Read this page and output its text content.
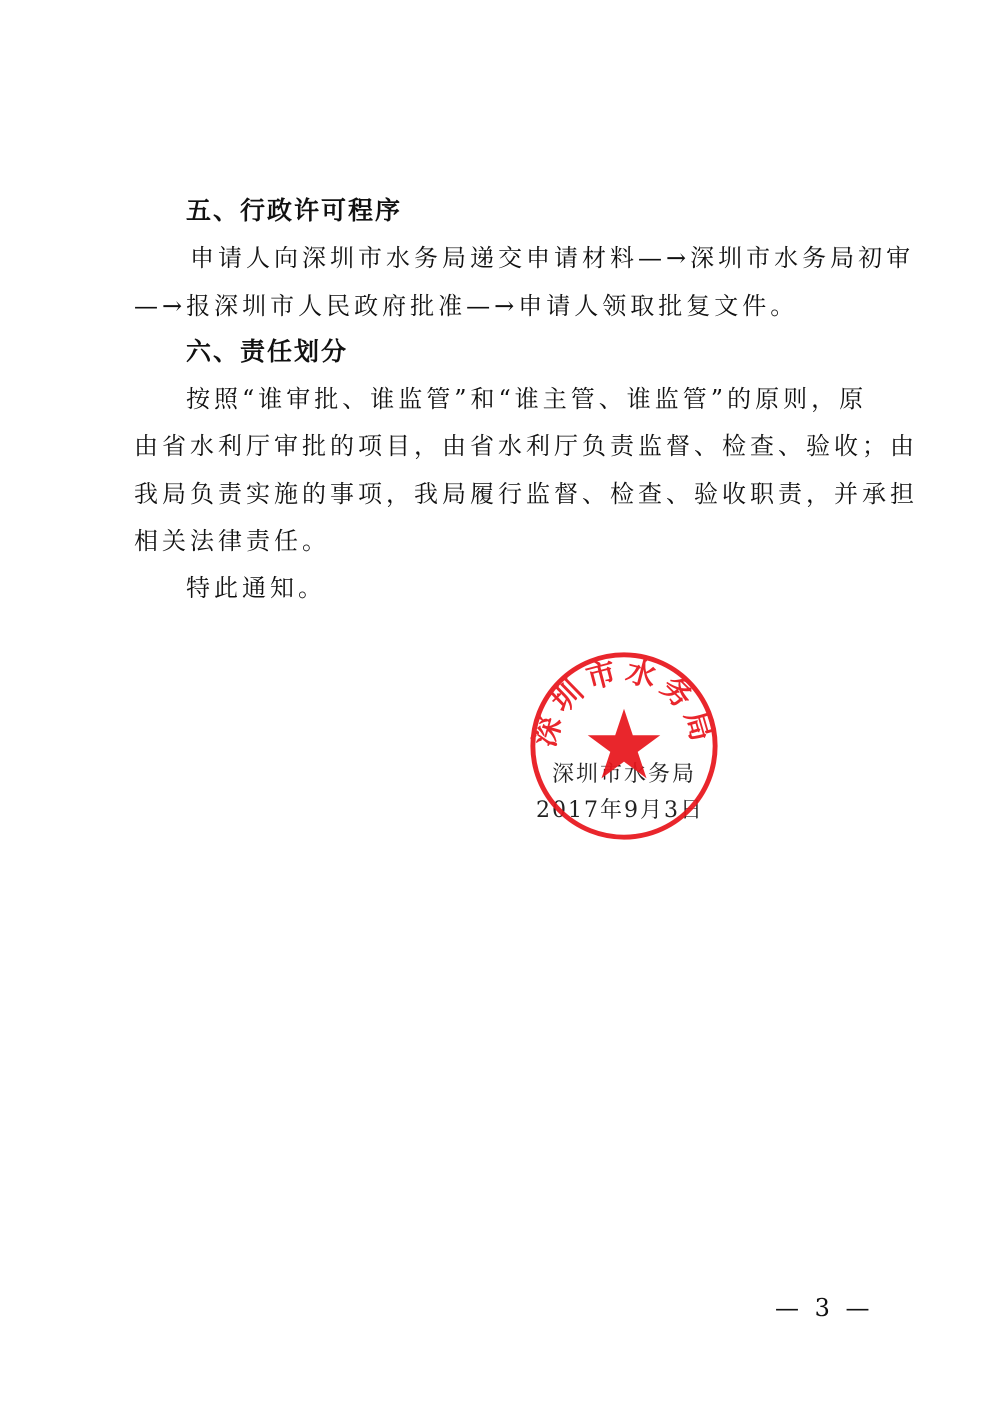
五、行政许可程序
申请人向深圳市水务局递交申请材料—→深圳市水务局初审
—→报深圳市人民政府批准—→申请人领取批复文件。
六、责任划分
按照“谁审批、谁监管”和“谁主管、谁监管”的原则，原
由省水利厅审批的项目，由省水利厅负责监督、检查、验收；由
我局负责实施的事项，我局履行监督、检查、验收职责，并承担
相关法律责任。
特此通知。
深圳市水务局
2017年9月3日
深圳市水务局
— 3 —
